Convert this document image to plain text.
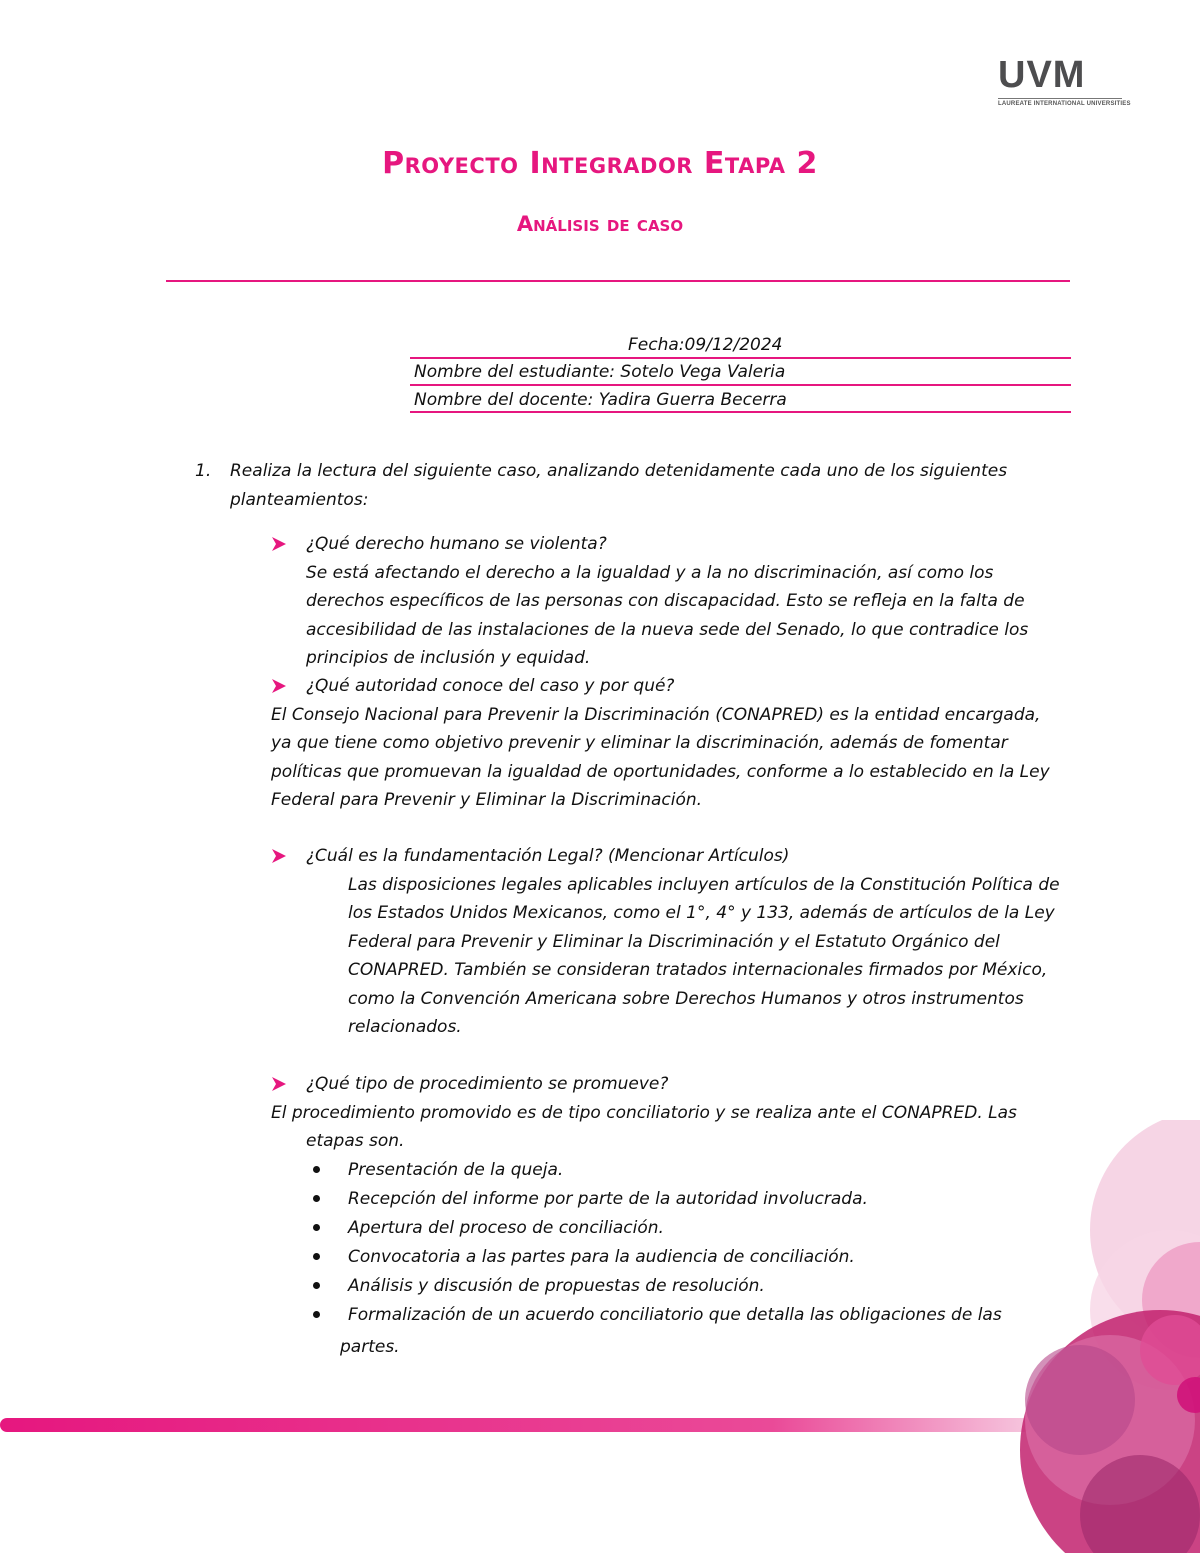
UVM
LAUREATE INTERNATIONAL UNIVERSITIES
Proyecto Integrador Etapa 2
Análisis de caso
Fecha:09/12/2024
Nombre del estudiante: Sotelo Vega Valeria
Nombre del docente: Yadira Guerra Becerra
1. Realiza la lectura del siguiente caso, analizando detenidamente cada uno de los siguientes
planteamientos:
¿Qué derecho humano se violenta?
Se está afectando el derecho a la igualdad y a la no discriminación, así como los
derechos específicos de las personas con discapacidad. Esto se refleja en la falta de
accesibilidad de las instalaciones de la nueva sede del Senado, lo que contradice los
principios de inclusión y equidad.
¿Qué autoridad conoce del caso y por qué?
El Consejo Nacional para Prevenir la Discriminación (CONAPRED) es la entidad encargada,
ya que tiene como objetivo prevenir y eliminar la discriminación, además de fomentar
políticas que promuevan la igualdad de oportunidades, conforme a lo establecido en la Ley
Federal para Prevenir y Eliminar la Discriminación.
¿Cuál es la fundamentación Legal? (Mencionar Artículos)
Las disposiciones legales aplicables incluyen artículos de la Constitución Política de
los Estados Unidos Mexicanos, como el 1°, 4° y 133, además de artículos de la Ley
Federal para Prevenir y Eliminar la Discriminación y el Estatuto Orgánico del
CONAPRED. También se consideran tratados internacionales firmados por México,
como la Convención Americana sobre Derechos Humanos y otros instrumentos
relacionados.
¿Qué tipo de procedimiento se promueve?
El procedimiento promovido es de tipo conciliatorio y se realiza ante el CONAPRED. Las
etapas son.
Presentación de la queja.
Recepción del informe por parte de la autoridad involucrada.
Apertura del proceso de conciliación.
Convocatoria a las partes para la audiencia de conciliación.
Análisis y discusión de propuestas de resolución.
Formalización de un acuerdo conciliatorio que detalla las obligaciones de las
partes.
